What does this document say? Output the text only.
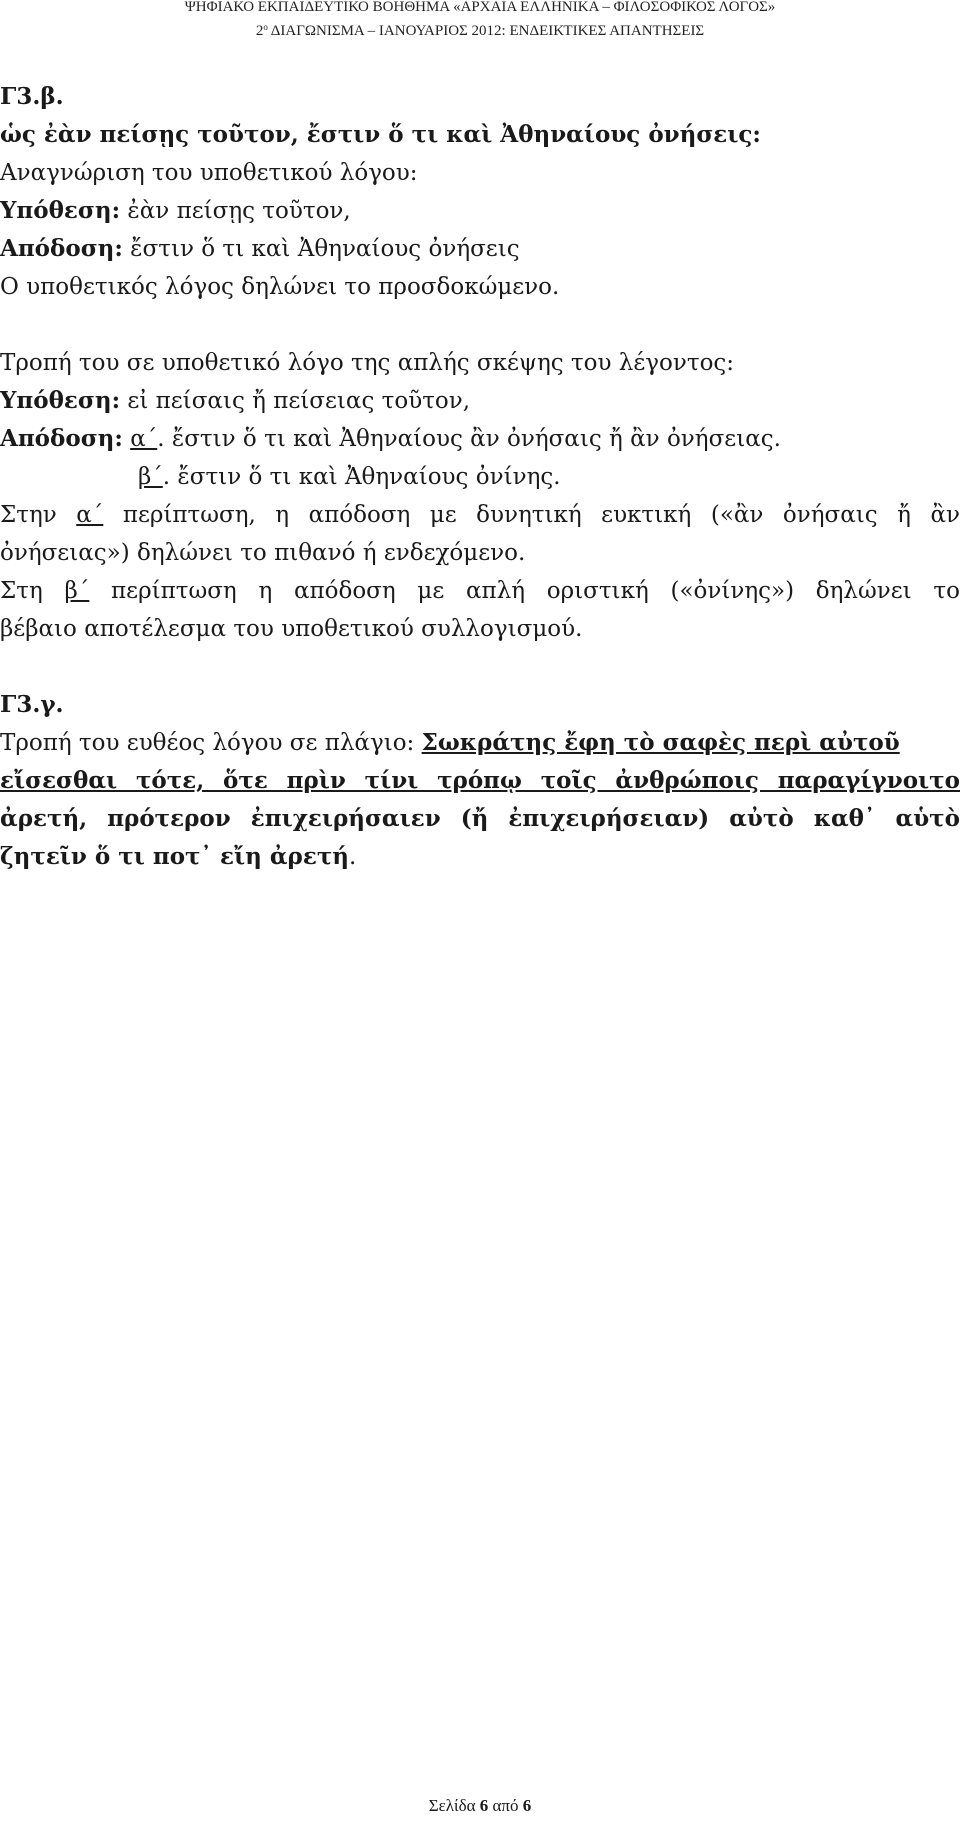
ΨΗΦΙΑΚΟ ΕΚΠΑΙΔΕΥΤΙΚΟ ΒΟΗΘΗΜΑ «ΑΡΧΑΙΑ ΕΛΛΗΝΙΚΑ – ΦΙΛΟΣΟΦΙΚΟΣ ΛΟΓΟΣ»
$2^o$ ΔΙΑΓΩΝΙΣΜΑ – ΙΑΝΟΥΑΡΙΟΣ 2012: ΕΝΔΕΙΚΤΙΚΕΣ ΑΠΑΝΤΗΣΕΙΣ
Γ3.β.
ὡς ἐὰν πείσῃς τοῦτον, ἔστιν ὅ τι καὶ Ἀθηναίους ὀνήσεις:
Αναγνώριση του υποθετικού λόγου:
Υπόθεση: ἐὰν πείσῃς τοῦτον,
Απόδοση: ἔστιν ὅ τι καὶ Ἀθηναίους ὀνήσεις
Ο υποθετικός λόγος δηλώνει το προσδοκώμενο.
Τροπή του σε υποθετικό λόγο της απλής σκέψης του λέγοντος:
Υπόθεση: εἰ πείσαις ἤ πείσειας τοῦτον,
Απόδοση: α΄. ἔστιν ὅ τι καὶ Ἀθηναίους ἂν ὀνήσαις ἤ ἂν ὀνήσειας.
β΄. ἔστιν ὅ τι καὶ Ἀθηναίους ὀνίνης.
Στην α΄ περίπτωση, η απόδοση με δυνητική ευκτική («ἂν ὀνήσαις ἤ ἂν
ὀνήσειας») δηλώνει το πιθανό ή ενδεχόμενο.
Στη β΄ περίπτωση η απόδοση με απλή οριστική («ὀνίνης») δηλώνει το
βέβαιο αποτέλεσμα του υποθετικού συλλογισμού.
Γ3.γ.
Τροπή του ευθέος λόγου σε πλάγιο: Σωκράτης ἔφη τὸ σαφὲς περὶ αὐτοῦ
εἴσεσθαι τότε, ὅτε πρὶν τίνι τρόπῳ τοῖς ἀνθρώποις παραγίγνοιτο
ἀρετή, πρότερον ἐπιχειρήσαιεν (ἤ ἐπιχειρήσειαν) αὐτὸ καθ᾽ αὑτὸ
ζητεῖν ὅ τι ποτ᾽ εἴη ἀρετή.
Σελίδα 6 από 6
